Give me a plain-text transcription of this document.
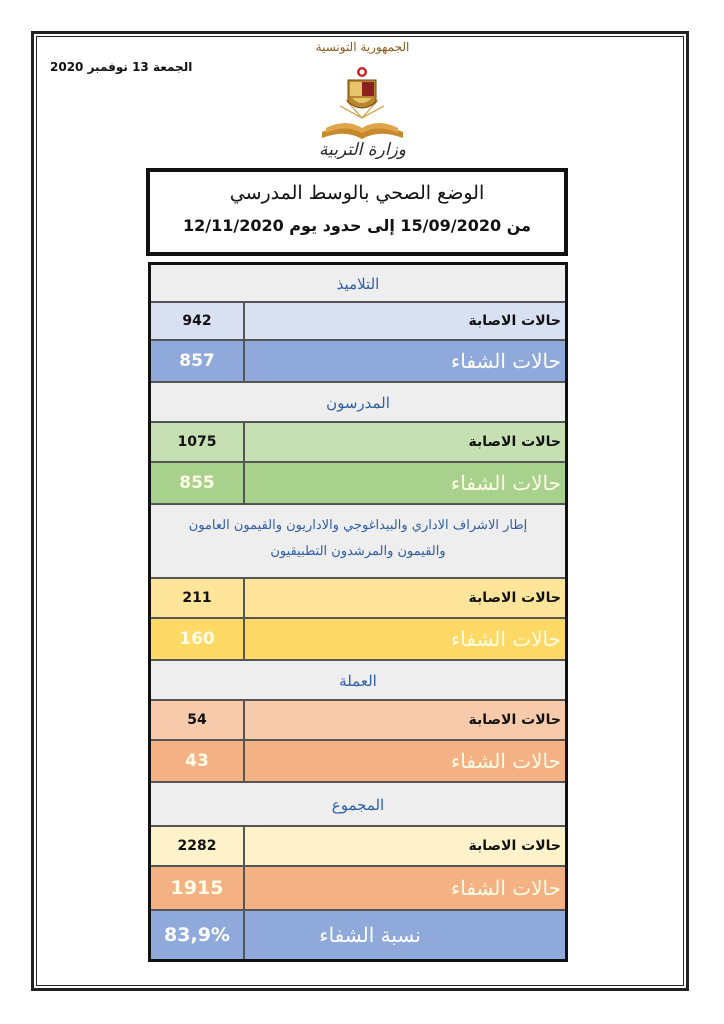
الجمعة 13 نوفمبر 2020
الجمهورية التونسية
وزارة التربية
الوضع الصحي بالوسط المدرسي
من 15/09/2020 إلى حدود يوم 12/11/2020
التلاميذ
942	حالات الاصابة
857	حالات الشفاء
المدرسون
1075	حالات الاصابة
855	حالات الشفاء
إطار الاشراف الاداري والبيداغوجي والاداريون والقيمون العامون
والقيمون والمرشدون التطبيقيون
211	حالات الاصابة
160	حالات الشفاء
العملة
54	حالات الاصابة
43	حالات الشفاء
المجموع
2282	حالات الاصابة
1915	حالات الشفاء
83,9%	نسبة الشفاء
